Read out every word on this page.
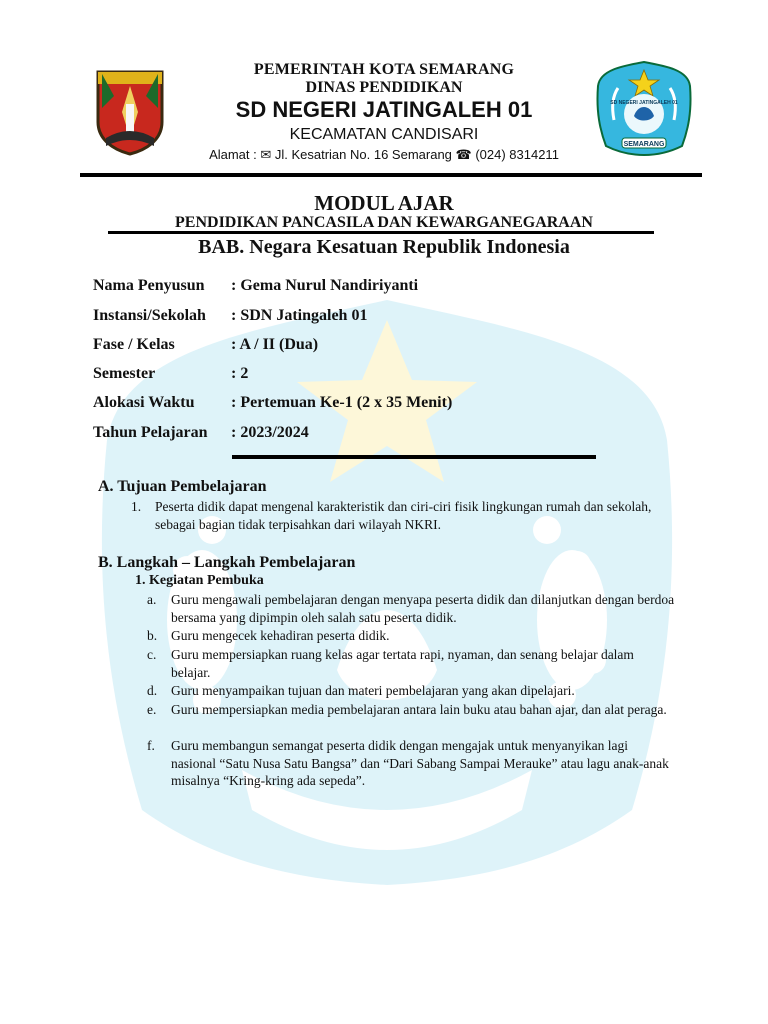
SEMARANG
SD NEGERI JATINGALEH 01
PEMERINTAH KOTA SEMARANG
DINAS PENDIDIKAN
SD NEGERI JATINGALEH 01
KECAMATAN CANDISARI
Alamat : ✉ Jl. Kesatrian No. 16 Semarang ☎ (024) 8314211
MODUL AJAR
PENDIDIKAN PANCASILA DAN KEWARGANEGARAAN
BAB. Negara Kesatuan Republik Indonesia
Nama Penyusun : Gema Nurul Nandiriyanti
Instansi/Sekolah : SDN Jatingaleh 01
Fase / Kelas	: A / II (Dua)
Semester	: 2
Alokasi Waktu : Pertemuan Ke-1 (2 x 35 Menit)
Tahun Pelajaran : 2023/2024
A. Tujuan Pembelajaran
1. Peserta didik dapat mengenal karakteristik dan ciri-ciri fisik lingkungan rumah dan sekolah, sebagai bagian tidak terpisahkan dari wilayah NKRI.
B. Langkah – Langkah Pembelajaran
1. Kegiatan Pembuka
a. Guru mengawali pembelajaran dengan menyapa peserta didik dan dilanjutkan dengan berdoa bersama yang dipimpin oleh salah satu peserta didik.
b. Guru mengecek kehadiran peserta didik.
c. Guru mempersiapkan ruang kelas agar tertata rapi, nyaman, dan senang belajar dalam belajar.
d. Guru menyampaikan tujuan dan materi pembelajaran yang akan dipelajari.
e. Guru mempersiapkan media pembelajaran antara lain buku atau bahan ajar, dan alat peraga.
f. Guru membangun semangat peserta didik dengan mengajak untuk menyanyikan lagi nasional “Satu Nusa Satu Bangsa” dan “Dari Sabang Sampai Merauke” atau lagu anak-anak misalnya “Kring-kring ada sepeda”.
